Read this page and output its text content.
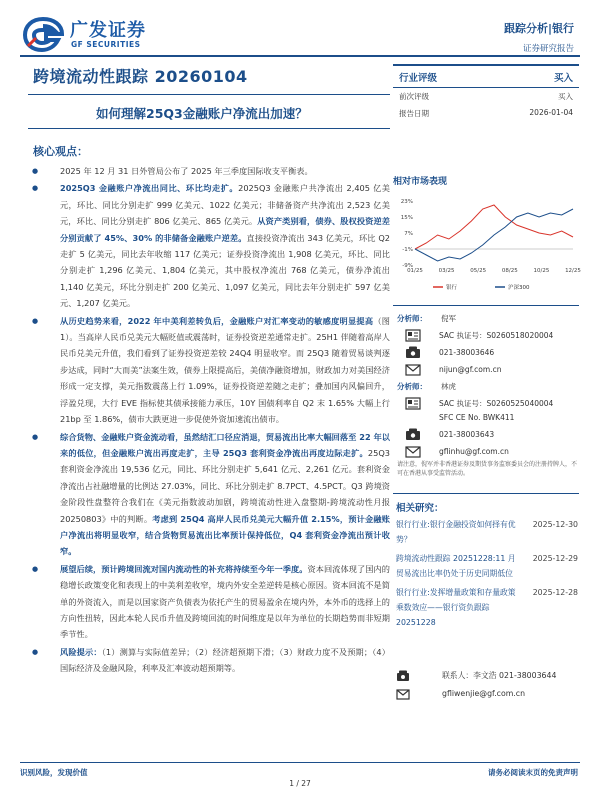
广发证券
GF SECURITIES
跟踪分析|银行
证券研究报告
跨境流动性跟踪 20260104
如何理解25Q3金融账户净流出加速？
行业评级	买入
前次评级	买入
报告日期	2026-01-04
核心观点：
● 2025 年 12 月 31 日外管局公布了 2025 年三季度国际收支平衡表。
● 2025Q3 金融账户净流出同比、环比均走扩。2025Q3 金融账户共净流出 2,405 亿美元，环比、同比分别走扩 999 亿美元、1022 亿美元；非储备资产共净流出 2,523 亿美元，环比、同比分别走扩 806 亿美元、865 亿美元。从资产类别看，债券、股权投资逆差分别贡献了 45%、30% 的非储备金融账户逆差。直接投资净流出 343 亿美元，环比 Q2 走扩 5 亿美元，同比去年收缩 117 亿美元；证券投资净流出 1,908 亿美元，环比、同比分别走扩 1,296 亿美元、1,804 亿美元，其中股权净流出 768 亿美元，债券净流出 1,140 亿美元，环比分别走扩 200 亿美元、1,097 亿美元，同比去年分别走扩 597 亿美元、1,207 亿美元。
● 从历史趋势来看，2022 年中美利差转负后，金融账户对汇率变动的敏感度明显提高（图 1）。当高岸人民币兑美元大幅贬值或震荡时，证券投资逆差通常走扩。25H1 伴随着高岸人民币兑美元升值，我们看到了证券投资逆差较 24Q4 明显收窄。而 25Q3 随着贸易谈判逐步达成，同时“大而美”法案生效，债券上限提高后，美债净融资增加，财政加力对美国经济形成一定支撑，美元指数震荡上行 1.09%，证券投资逆差随之走扩；叠加国内风偏回升，浮盈兑现，大行 EVE 指标使其债承接能力承压，10Y 国债利率自 Q2 末 1.65% 大幅上行 21bp 至 1.86%，债市大跌更进一步促使外资加速流出债市。
● 综合货物、金融账户资金流动看，虽然结汇口径应消退，贸易流出比率大幅回落至 22 年以来的低位，但金融账户流出再度走扩，主导 25Q3 套利资金净流出再度边际走扩。25Q3 套利资金净流出 19,536 亿元，同比、环比分别走扩 5,641 亿元、2,261 亿元。套利资金净流出占社融增量的比例达 27.03%，同比、环比分别走扩 8.7PCT、4.5PCT。Q3 跨境资金阶段性盘整符合我们在《美元指数波动加剧，跨境流动性进入盘整期-跨境流动性月报 20250803》中的判断。考虑到 25Q4 高岸人民币兑美元大幅升值 2.15%，预计金融账户净流出将明显收窄，结合货物贸易流出比率预计保持低位，Q4 套利资金净流出预计收窄。
● 展望后续，预计跨境回流对国内流动性的补充将持续至今年一季度。资本回流体现了国内的稳增长政策变化和表现上的中美利差收窄，境内外安全差逆转是核心原因。资本回流不是简单的外资流入，而是以国家资产负债表为依托产生的贸易盈余在境内外，本外币的选择上的方向性扭转，因此本轮人民币升值及跨境回流的时间维度是以年为单位的长期趋势而非短期季节性。
● 风险提示：（1）测算与实际值差异；（2）经济超预期下滑；（3）财政力度不及预期；（4）国际经济及金融风险，利率及汇率波动超预期等。
相对市场表现
23%
15%
7%
-1%
-9%
01/25	03/25	05/25	08/25	10/25	12/25
银行	沪深300
分析师： 倪军
SAC 执证号：S0260518020004
021-38003646
nijun@gf.com.cn
分析师： 林虎
SAC 执证号：S0260525040004
SFC CE No. BWK411
021-38003643
gflinhu@gf.com.cn
请注意，倪军并非香港证券及期货事务监察委员会的注册持牌人，不可在香港从事受监管活动。
相关研究：
银行行业:银行金融投资如何择有优势？
2025-12-30
跨境流动性跟踪 20251228:11 月贸易流出比率仍处于历史同期低位
2025-12-29
银行行业:发挥增量政策和存量政策乘数效应——银行资负跟踪 20251228
2025-12-28
联系人：李文浩 021-38003644
gfliwenjie@gf.com.cn
识别风险，发现价值	请务必阅读末页的免责声明
1 / 27
